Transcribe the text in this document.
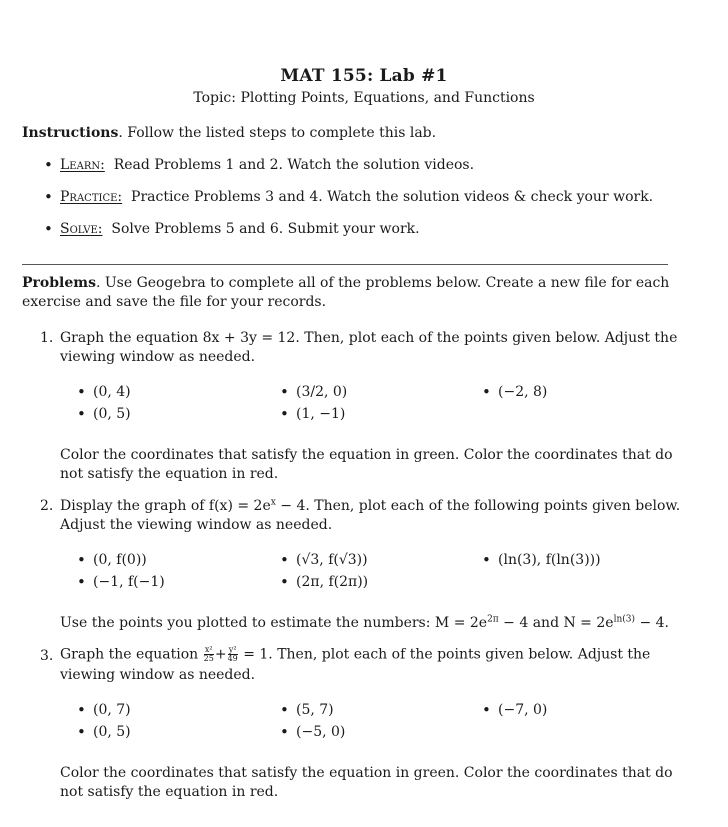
MAT 155: Lab #1
Topic: Plotting Points, Equations, and Functions
Instructions. Follow the listed steps to complete this lab.
• Learn: Read Problems 1 and 2. Watch the solution videos.
• Practice: Practice Problems 3 and 4. Watch the solution videos & check your work.
• Solve: Solve Problems 5 and 6. Submit your work.
Problems. Use Geogebra to complete all of the problems below. Create a new file for each
exercise and save the file for your records.
1. Graph the equation 8x + 3y = 12. Then, plot each of the points given below. Adjust the
viewing window as needed.
• (0, 4)	• (3/2, 0)	• (−2, 8)
• (0, 5)	• (1, −1)
Color the coordinates that satisfy the equation in green. Color the coordinates that do
not satisfy the equation in red.
2. Display the graph of $f(x) = 2e^x - 4$. Then, plot each of the following points given below.
Adjust the viewing window as needed.
• (0, f(0))	• (√3, f(√3))	• (ln(3), f(ln(3)))
• (−1, f(−1)	• (2π, f(2π))
Use the points you plotted to estimate the numbers: $M = 2e^{2\pi} - 4$ and $N = 2e^{ln(3)} - 4$.
3. Graph the equation $\frac{\text{x²}}{25} + \frac{\text{y²}}{49} = 1$. Then, plot each of the points given below. Adjust the
viewing window as needed.
• (0, 7)	• (5, 7)	• (−7, 0)
• (0, 5)	• (−5, 0)
Color the coordinates that satisfy the equation in green. Color the coordinates that do
not satisfy the equation in red.
